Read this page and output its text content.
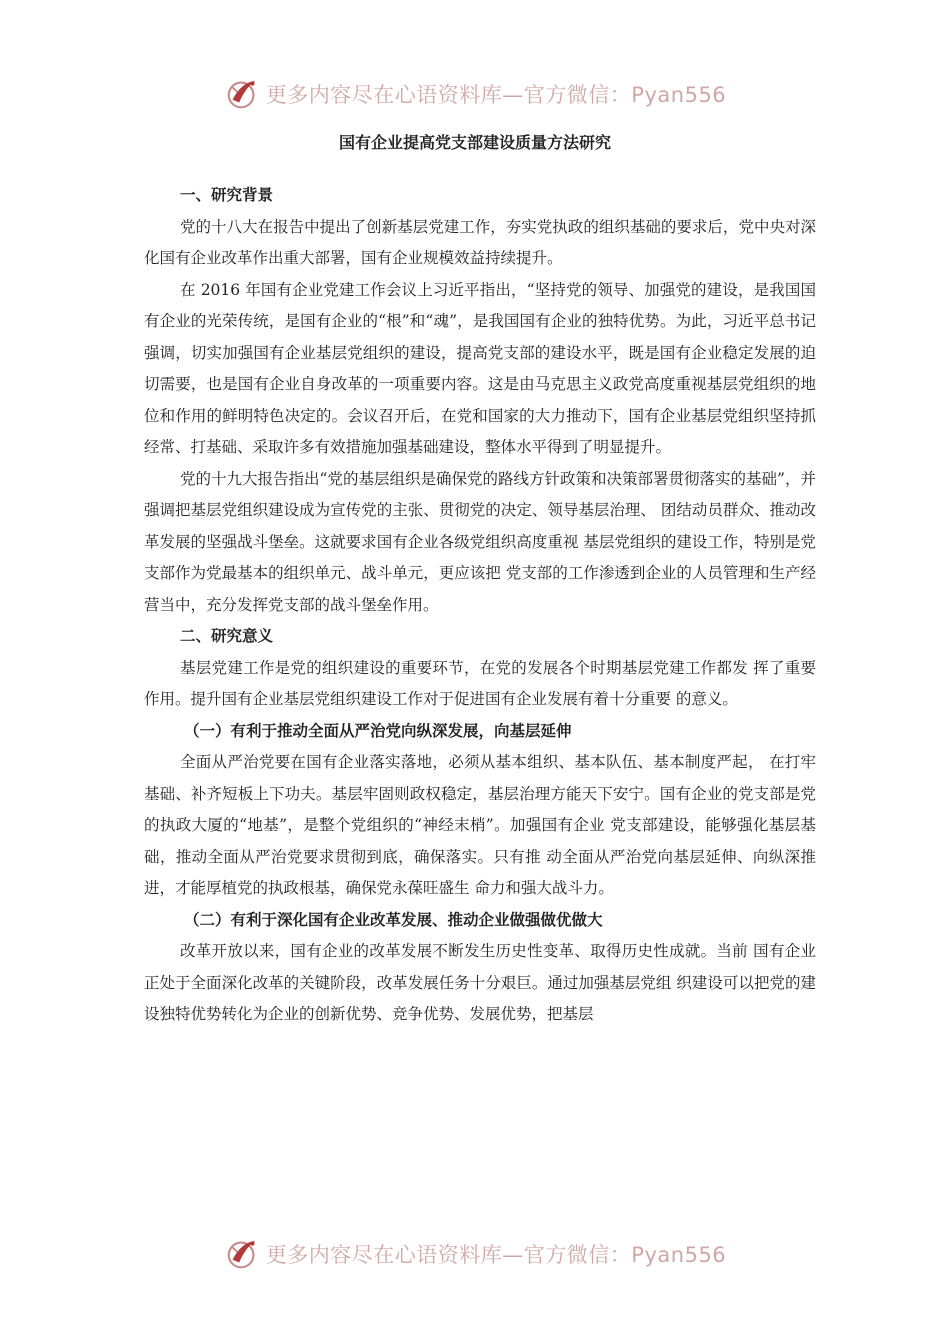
更多内容尽在心语资料库—官方微信：Pyan556
国有企业提高党支部建设质量方法研究

一、研究背景

党的十八大在报告中提出了创新基层党建工作，夯实党执政的组织基础的要求后，党中央对深化国有企业改革作出重大部署，国有企业规模效益持续提升。

在 2016 年国有企业党建工作会议上习近平指出，“坚持党的领导、加强党的建设，是我国国有企业的光荣传统，是国有企业的“根”和“魂”，是我国国有企业的独特优势。为此，习近平总书记强调，切实加强国有企业基层党组织的建设，提高党支部的建设水平，既是国有企业稳定发展的迫切需要，也是国有企业自身改革的一项重要内容。这是由马克思主义政党高度重视基层党组织的地位和作用的鲜明特色决定的。会议召开后，在党和国家的大力推动下，国有企业基层党组织坚持抓经常、打基础、采取许多有效措施加强基础建设，整体水平得到了明显提升。

党的十九大报告指出“党的基层组织是确保党的路线方针政策和决策部署贯彻落实的基础”，并强调把基层党组织建设成为宣传党的主张、贯彻党的决定、领导基层治理、 团结动员群众、推动改革发展的坚强战斗堡垒。这就要求国有企业各级党组织高度重视 基层党组织的建设工作，特别是党支部作为党最基本的组织单元、战斗单元，更应该把 党支部的工作渗透到企业的人员管理和生产经营当中，充分发挥党支部的战斗堡垒作用。

二、研究意义

基层党建工作是党的组织建设的重要环节，在党的发展各个时期基层党建工作都发 挥了重要作用。提升国有企业基层党组织建设工作对于促进国有企业发展有着十分重要 的意义。

（一）有利于推动全面从严治党向纵深发展，向基层延伸

全面从严治党要在国有企业落实落地，必须从基本组织、基本队伍、基本制度严起， 在打牢基础、补齐短板上下功夫。基层牢固则政权稳定，基层治理方能天下安宁。国有企业的党支部是党的执政大厦的“地基”，是整个党组织的“神经末梢”。加强国有企业 党支部建设，能够强化基层基础，推动全面从严治党要求贯彻到底，确保落实。只有推 动全面从严治党向基层延伸、向纵深推进，才能厚植党的执政根基，确保党永葆旺盛生 命力和强大战斗力。

（二）有利于深化国有企业改革发展、推动企业做强做优做大

改革开放以来，国有企业的改革发展不断发生历史性变革、取得历史性成就。当前 国有企业正处于全面深化改革的关键阶段，改革发展任务十分艰巨。通过加强基层党组 织建设可以把党的建设独特优势转化为企业的创新优势、竞争优势、发展优势，把基层

更多内容尽在心语资料库—官方微信：Pyan556
